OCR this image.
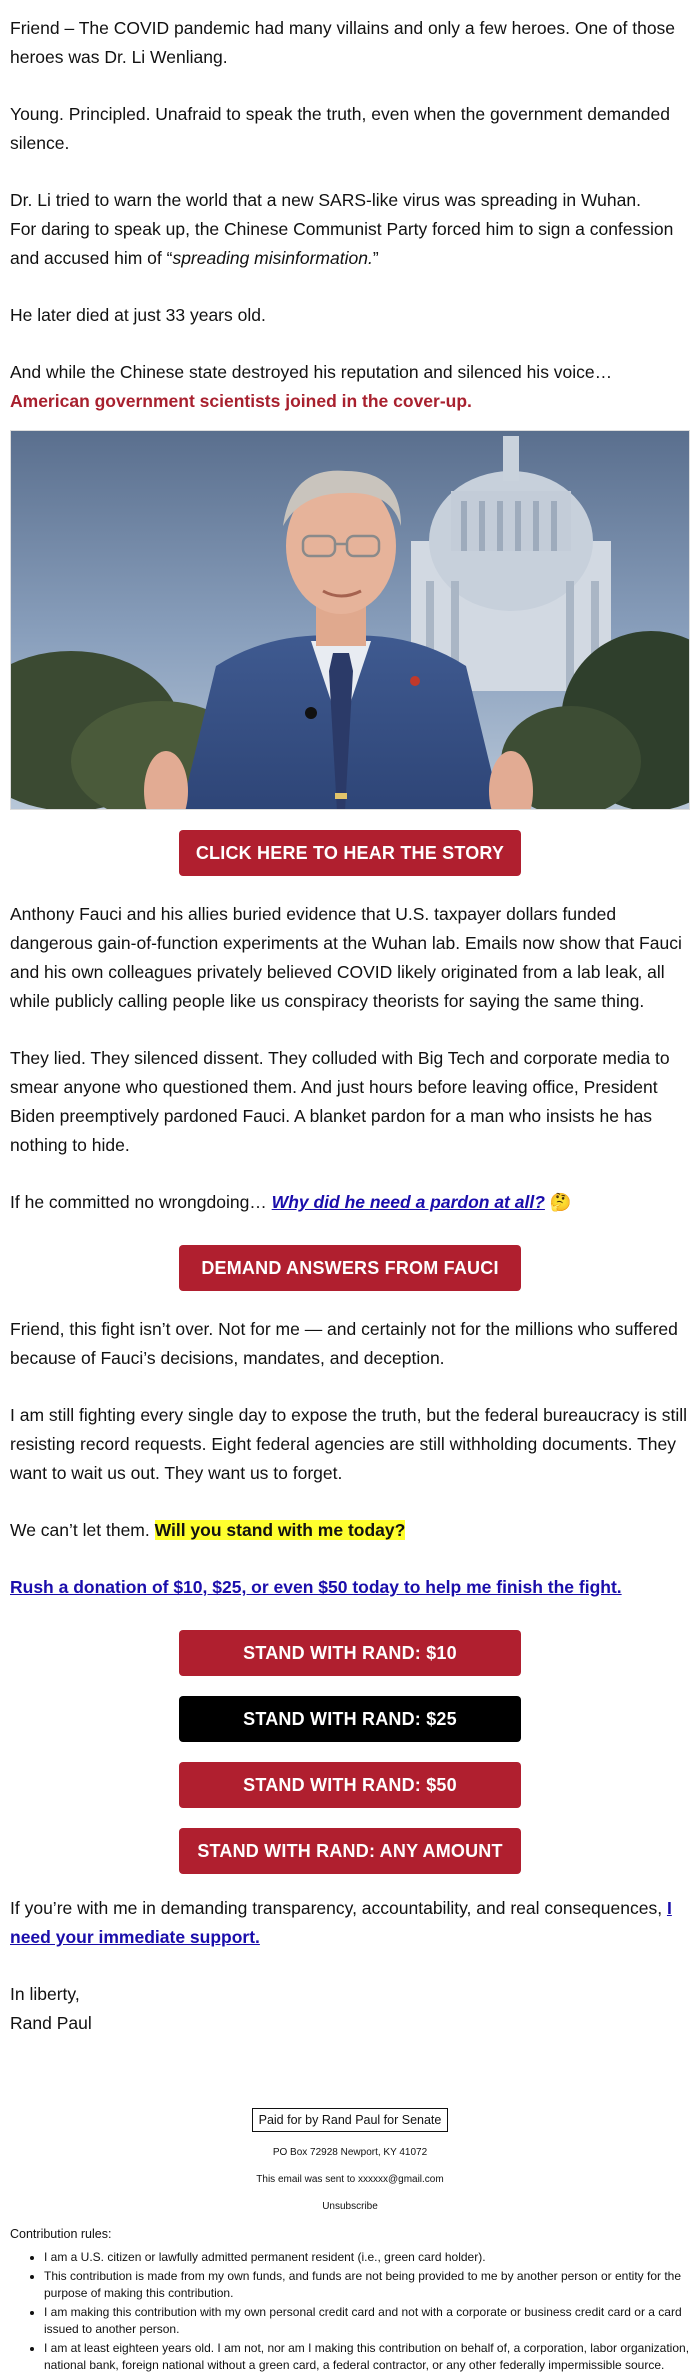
Friend – The COVID pandemic had many villains and only a few heroes. One of those heroes was Dr. Li Wenliang.

Young. Principled. Unafraid to speak the truth, even when the government demanded silence.

Dr. Li tried to warn the world that a new SARS-like virus was spreading in Wuhan.
For daring to speak up, the Chinese Communist Party forced him to sign a confession and accused him of “spreading misinformation.”

He later died at just 33 years old.

And while the Chinese state destroyed his reputation and silenced his voice…
American government scientists joined in the cover-up.

CLICK HERE TO HEAR THE STORY

Anthony Fauci and his allies buried evidence that U.S. taxpayer dollars funded dangerous gain-of-function experiments at the Wuhan lab. Emails now show that Fauci and his own colleagues privately believed COVID likely originated from a lab leak, all while publicly calling people like us conspiracy theorists for saying the same thing.

They lied. They silenced dissent. They colluded with Big Tech and corporate media to smear anyone who questioned them. And just hours before leaving office, President Biden preemptively pardoned Fauci. A blanket pardon for a man who insists he has nothing to hide.

If he committed no wrongdoing… Why did he need a pardon at all? 🤔

DEMAND ANSWERS FROM FAUCI

Friend, this fight isn’t over. Not for me — and certainly not for the millions who suffered because of Fauci’s decisions, mandates, and deception.

I am still fighting every single day to expose the truth, but the federal bureaucracy is still resisting record requests. Eight federal agencies are still withholding documents. They want to wait us out. They want us to forget.

We can’t let them. Will you stand with me today?

Rush a donation of $10, $25, or even $50 today to help me finish the fight.

STAND WITH RAND: $10
STAND WITH RAND: $25
STAND WITH RAND: $50
STAND WITH RAND: ANY AMOUNT

If you’re with me in demanding transparency, accountability, and real consequences, I need your immediate support.

In liberty,
Rand Paul

Paid for by Rand Paul for Senate
PO Box 72928 Newport, KY 41072
This email was sent to xxxxxx@gmail.com
Unsubscribe
Contribution rules:
• I am a U.S. citizen or lawfully admitted permanent resident (i.e., green card holder).
• This contribution is made from my own funds, and funds are not being provided to me by another person or entity for the purpose of making this contribution.
• I am making this contribution with my own personal credit card and not with a corporate or business credit card or a card issued to another person.
• I am at least eighteen years old. I am not, nor am I making this contribution on behalf of, a corporation, labor organization, national bank, foreign national without a green card, a federal contractor, or any other federally impermissible source.
